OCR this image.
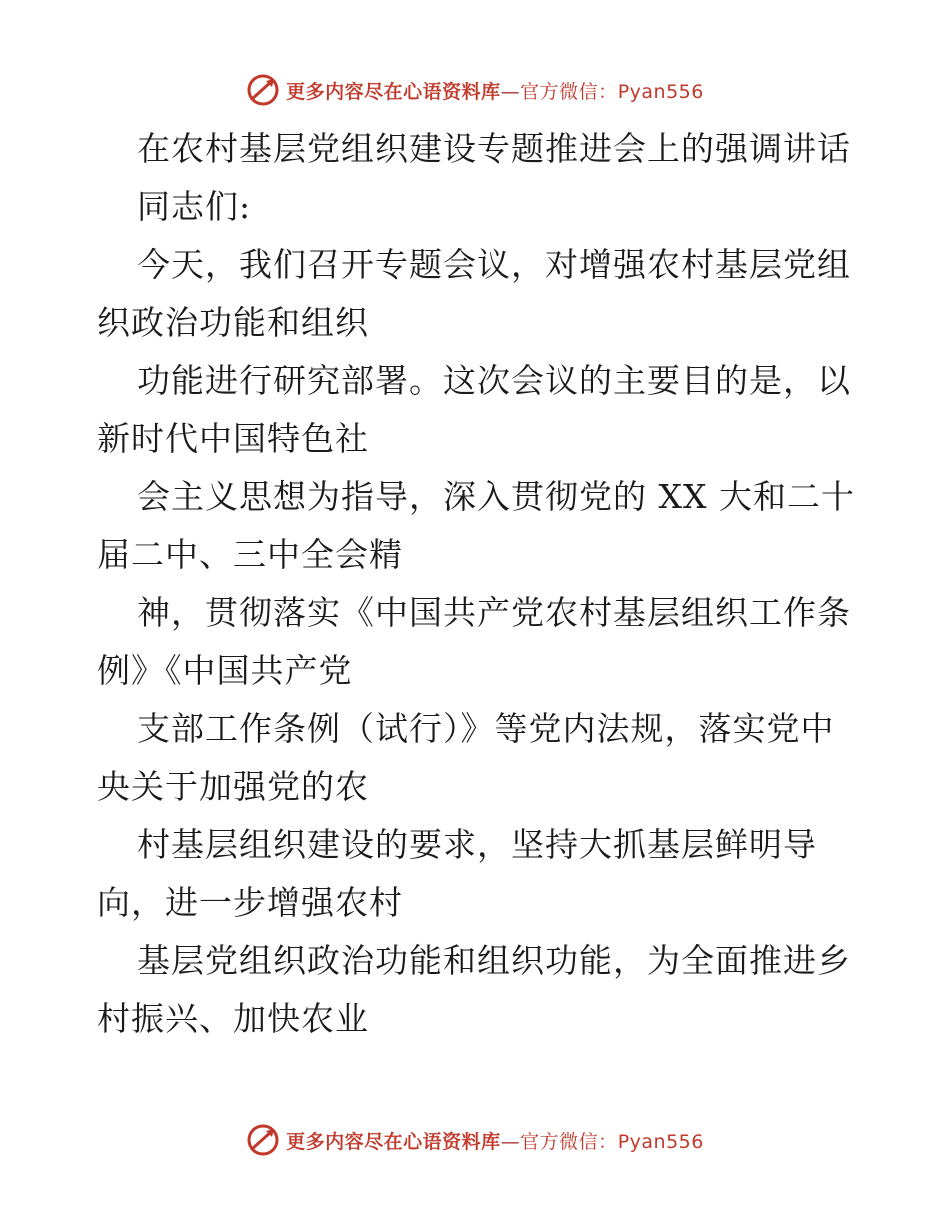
更多内容尽在心语资料库—官方微信：Pyan556
在农村基层党组织建设专题推进会上的强调讲话
同志们:
今天，我们召开专题会议，对增强农村基层党组
织政治功能和组织
功能进行研究部署。这次会议的主要目的是，以
新时代中国特色社
会主义思想为指导，深入贯彻党的 XX 大和二十
届二中、三中全会精
神，贯彻落实《中国共产党农村基层组织工作条
例》《中国共产党
支部工作条例（试行）》等党内法规，落实党中
央关于加强党的农
村基层组织建设的要求，坚持大抓基层鲜明导
向，进一步增强农村
基层党组织政治功能和组织功能，为全面推进乡
村振兴、加快农业
更多内容尽在心语资料库—官方微信：Pyan556
